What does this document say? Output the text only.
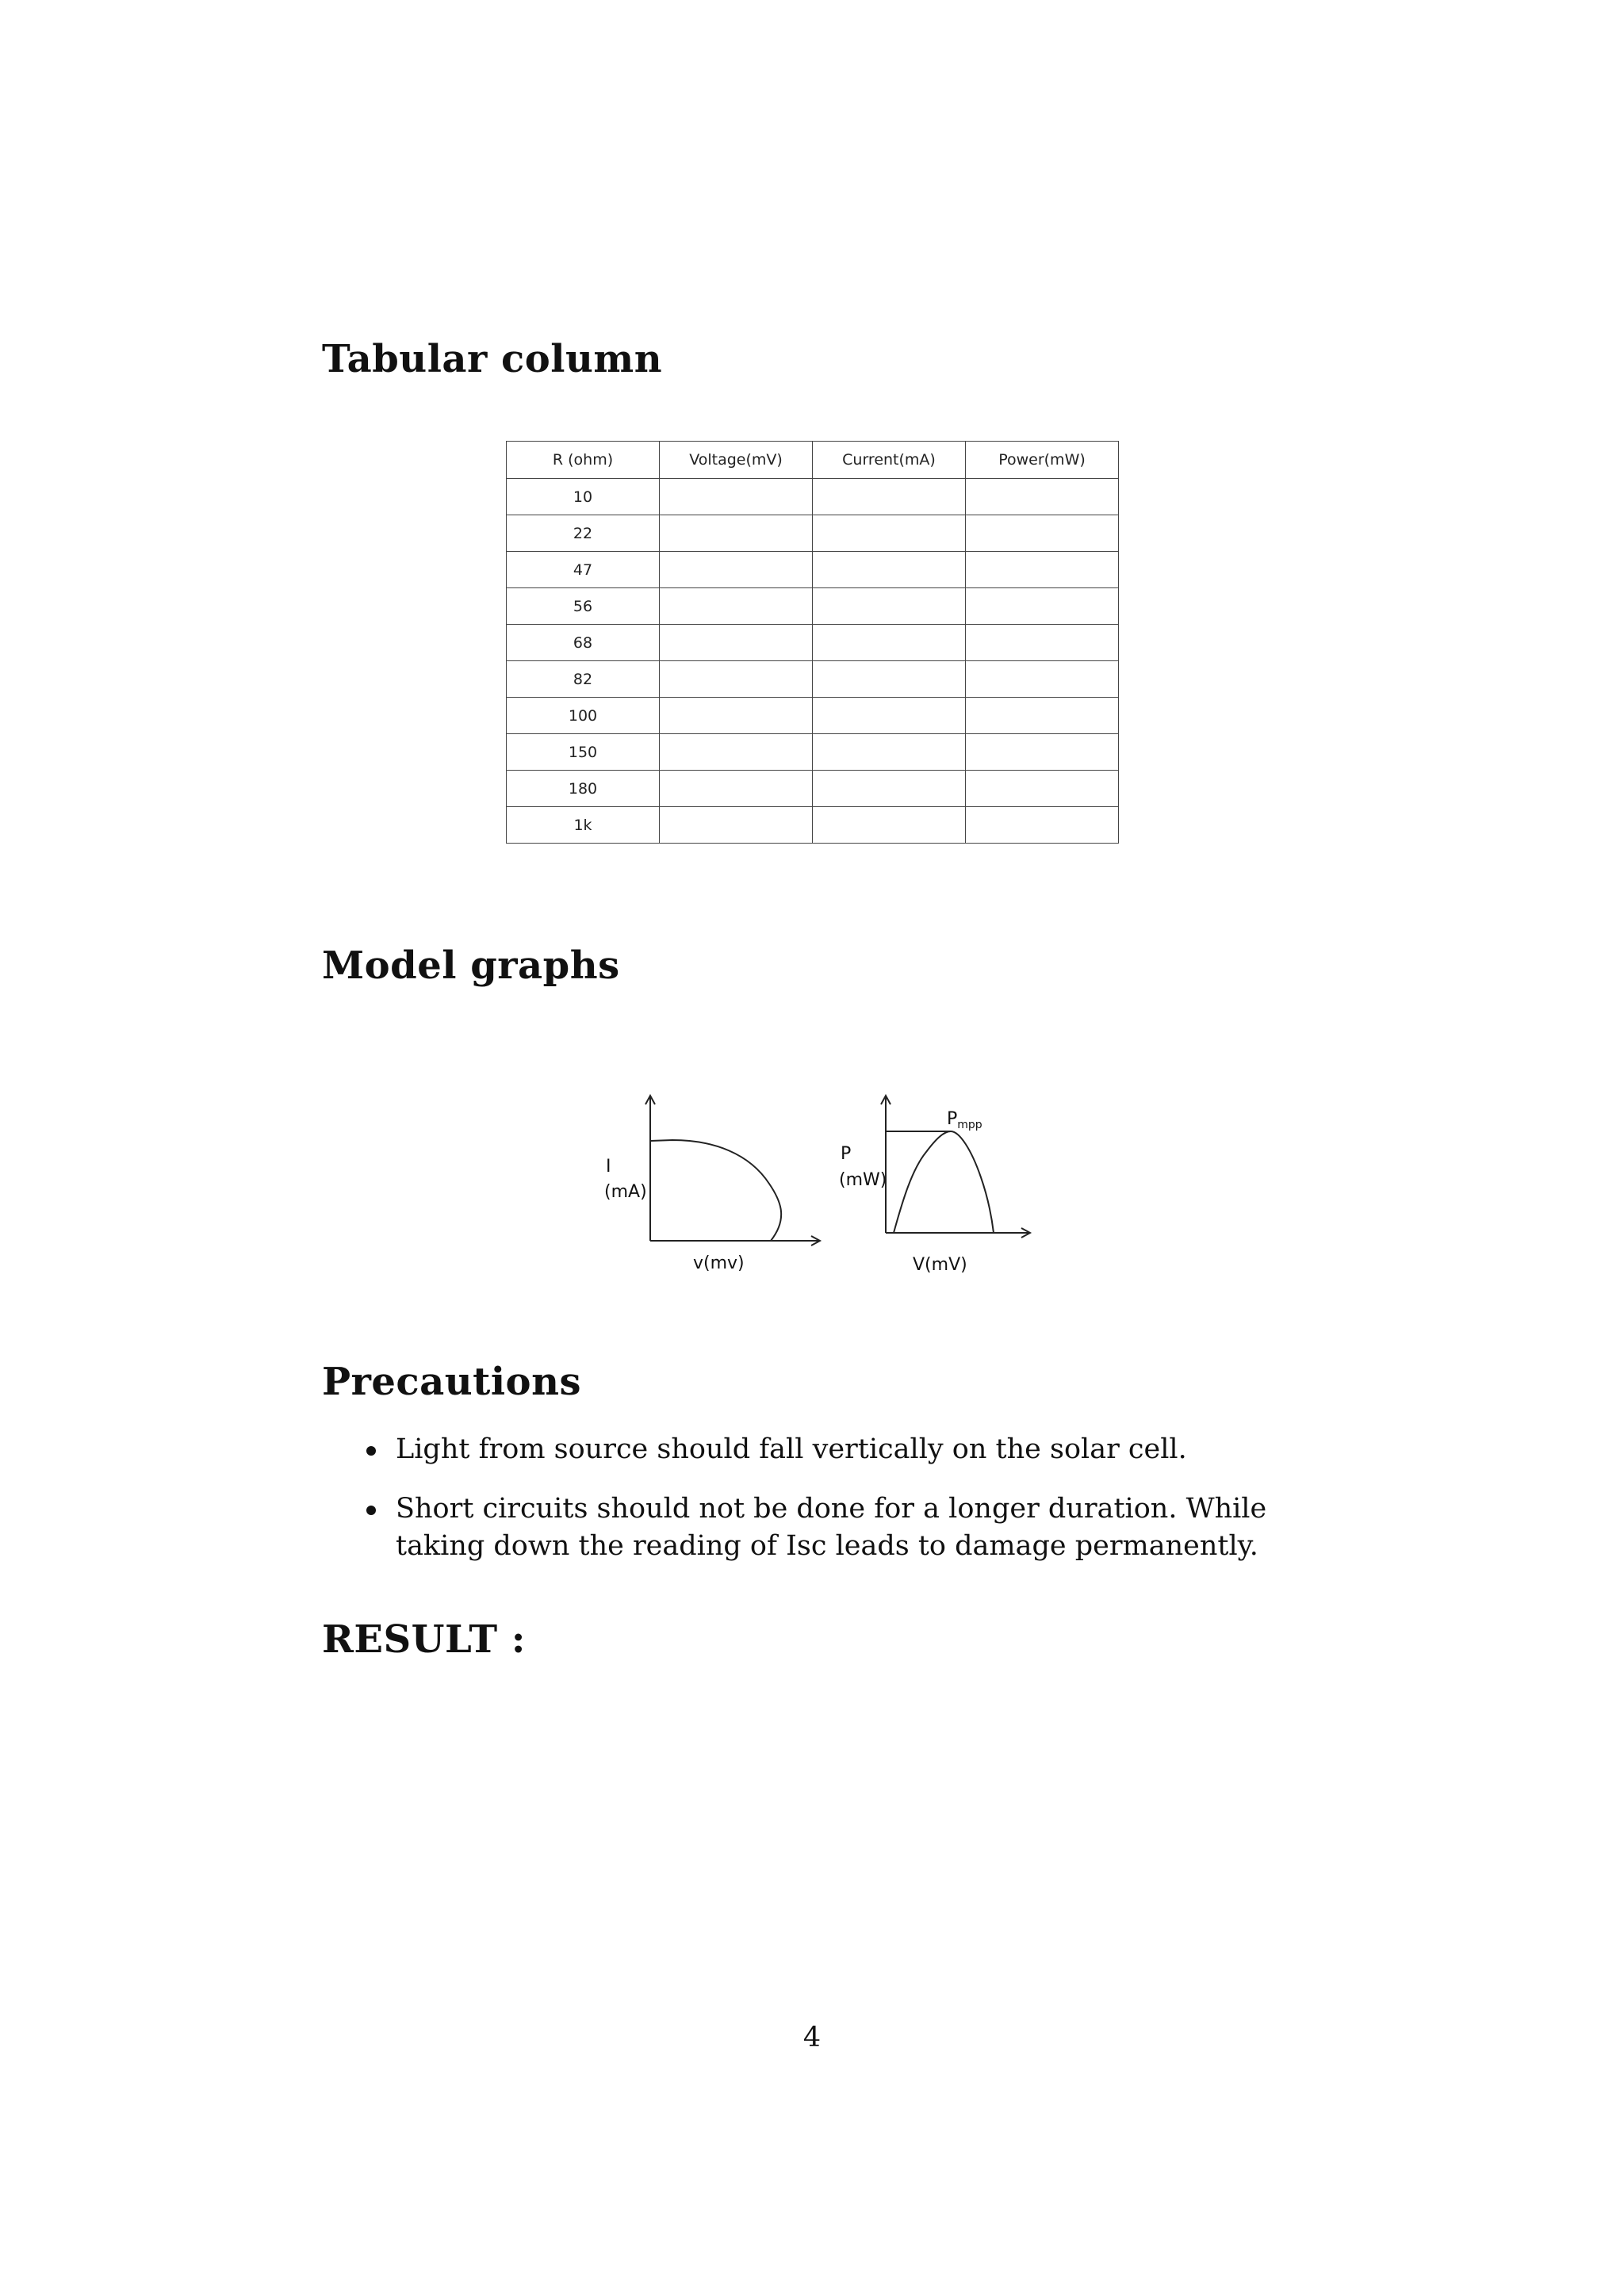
Tabular column
R (ohm)	Voltage(mV)	Current(mA)	Power(mW)
10			
22			
47			
56			
68			
82			
100			
150			
180			
1k			
Model graphs
I
(mA)
v(mv)
P
(mW)
V(mV)
$P_{mpp}$
Precautions
Light from source should fall vertically on the solar cell.
Short circuits should not be done for a longer duration. While taking down the reading of Isc leads to damage permanently.
RESULT :
4
